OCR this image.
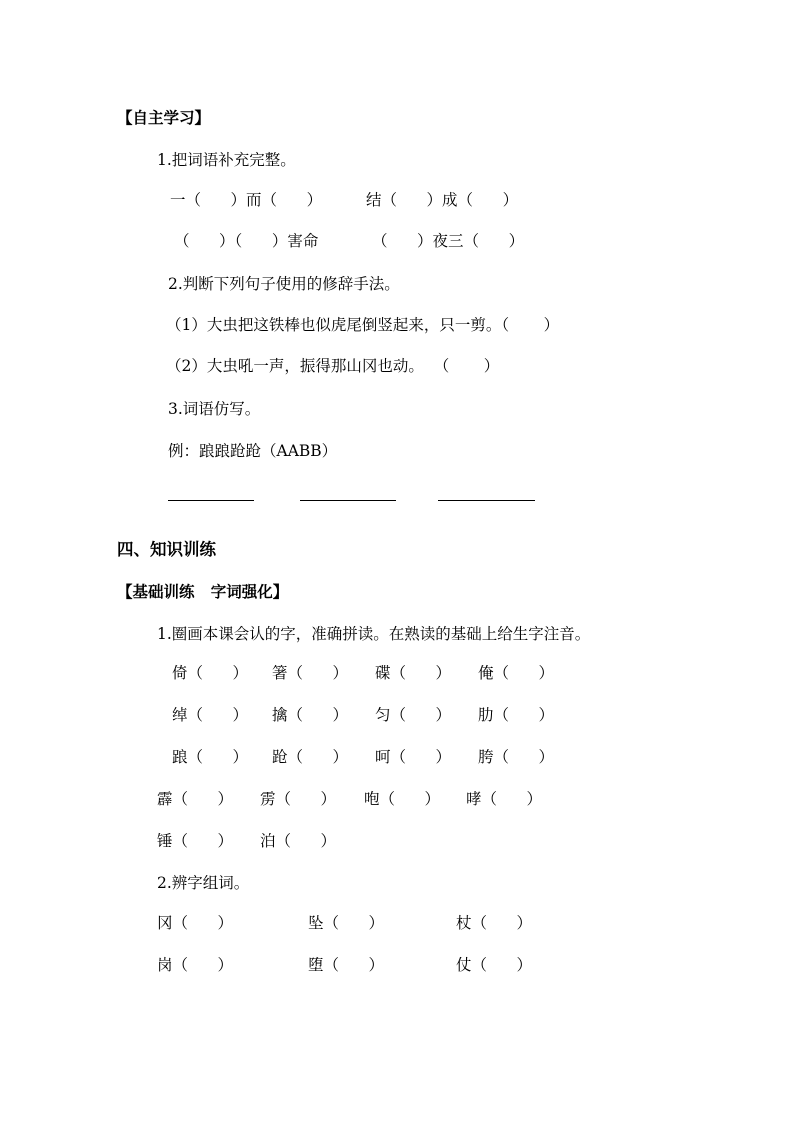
【自主学习】
1.把词语补充完整。
一（      ）而（      ）	结（      ）成（      ）
（      ）（      ）害命	（      ）夜三（      ）
2.判断下列句子使用的修辞手法。
（1）大虫把这铁棒也似虎尾倒竖起来，只一剪。（       ）
（2）大虫吼一声，振得那山冈也动。  （       ）
3.词语仿写。
例：踉踉跄跄（AABB）
四、知识训练
【基础训练   字词强化】
1.圈画本课会认的字，准确拼读。在熟读的基础上给生字注音。
倚（      ） 箸（      ） 碟（      ） 俺（      ）
绰（      ） 擒（      ） 匀（      ） 肋（      ）
踉（      ） 跄（      ） 呵（      ） 胯（      ）
霹（      ） 雳（      ） 咆（      ） 哮（      ）
锤（      ） 泊（      ）
2.辨字组词。
冈（      ）	坠（      ）	杖（      ）
岗（      ）	堕（      ）	仗（      ）
